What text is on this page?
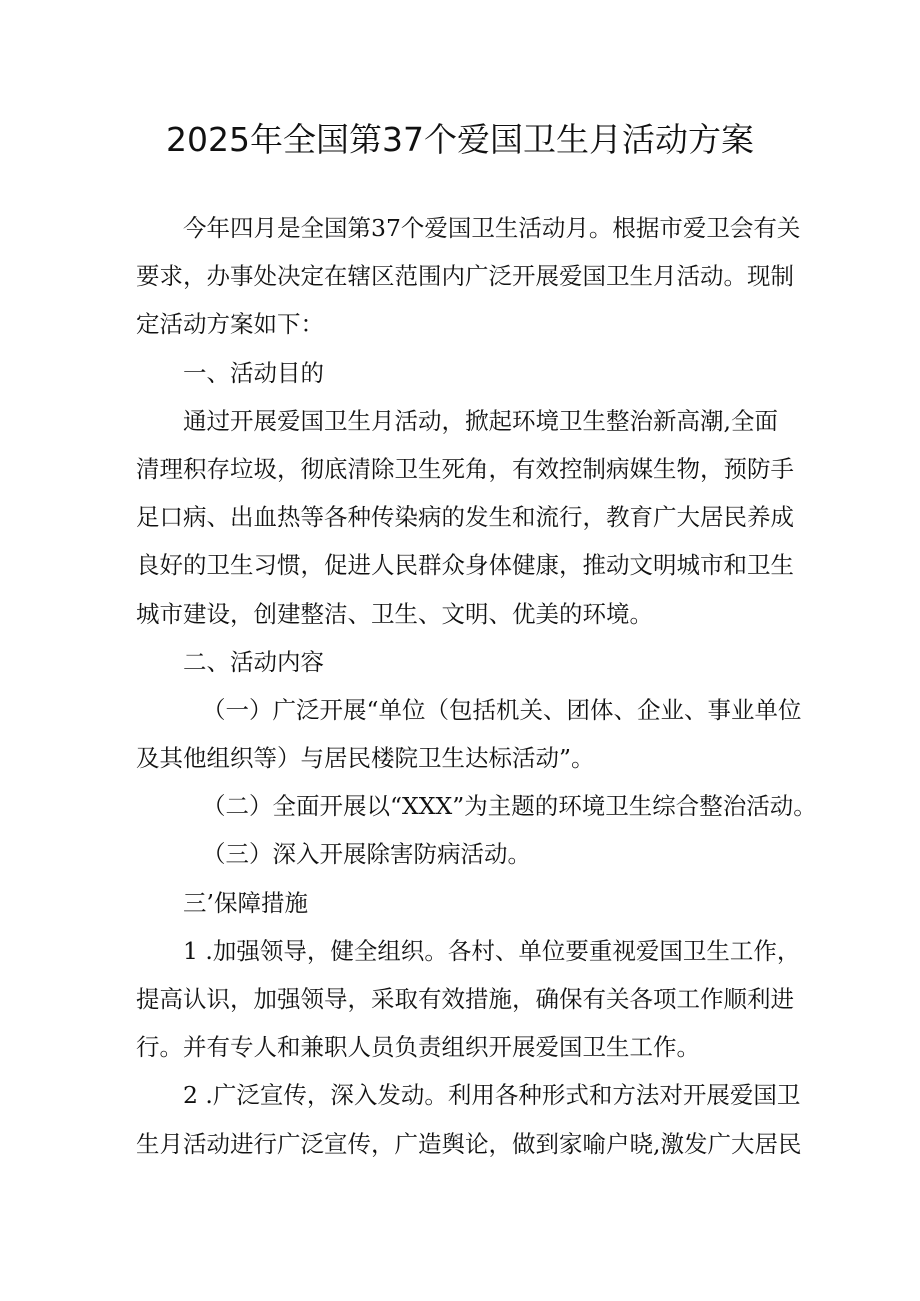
2025年全国第37个爱国卫生月活动方案
今年四月是全国第37个爱国卫生活动月。根据市爱卫会有关
要求，办事处决定在辖区范围内广泛开展爱国卫生月活动。现制
定活动方案如下：
一、活动目的
通过开展爱国卫生月活动，掀起环境卫生整治新高潮,全面
清理积存垃圾，彻底清除卫生死角，有效控制病媒生物，预防手
足口病、出血热等各种传染病的发生和流行，教育广大居民养成
良好的卫生习惯，促进人民群众身体健康，推动文明城市和卫生
城市建设，创建整洁、卫生、文明、优美的环境。
二、活动内容
（一）广泛开展“单位（包括机关、团体、企业、事业单位
及其他组织等）与居民楼院卫生达标活动”。
（二）全面开展以“XXX”为主题的环境卫生综合整治活动。
（三）深入开展除害防病活动。
三’保障措施
1 .加强领导，健全组织。各村、单位要重视爱国卫生工作，
提高认识，加强领导，采取有效措施，确保有关各项工作顺利进
行。并有专人和兼职人员负责组织开展爱国卫生工作。
2 .广泛宣传，深入发动。利用各种形式和方法对开展爱国卫
生月活动进行广泛宣传，广造舆论，做到家喻户晓,激发广大居民
